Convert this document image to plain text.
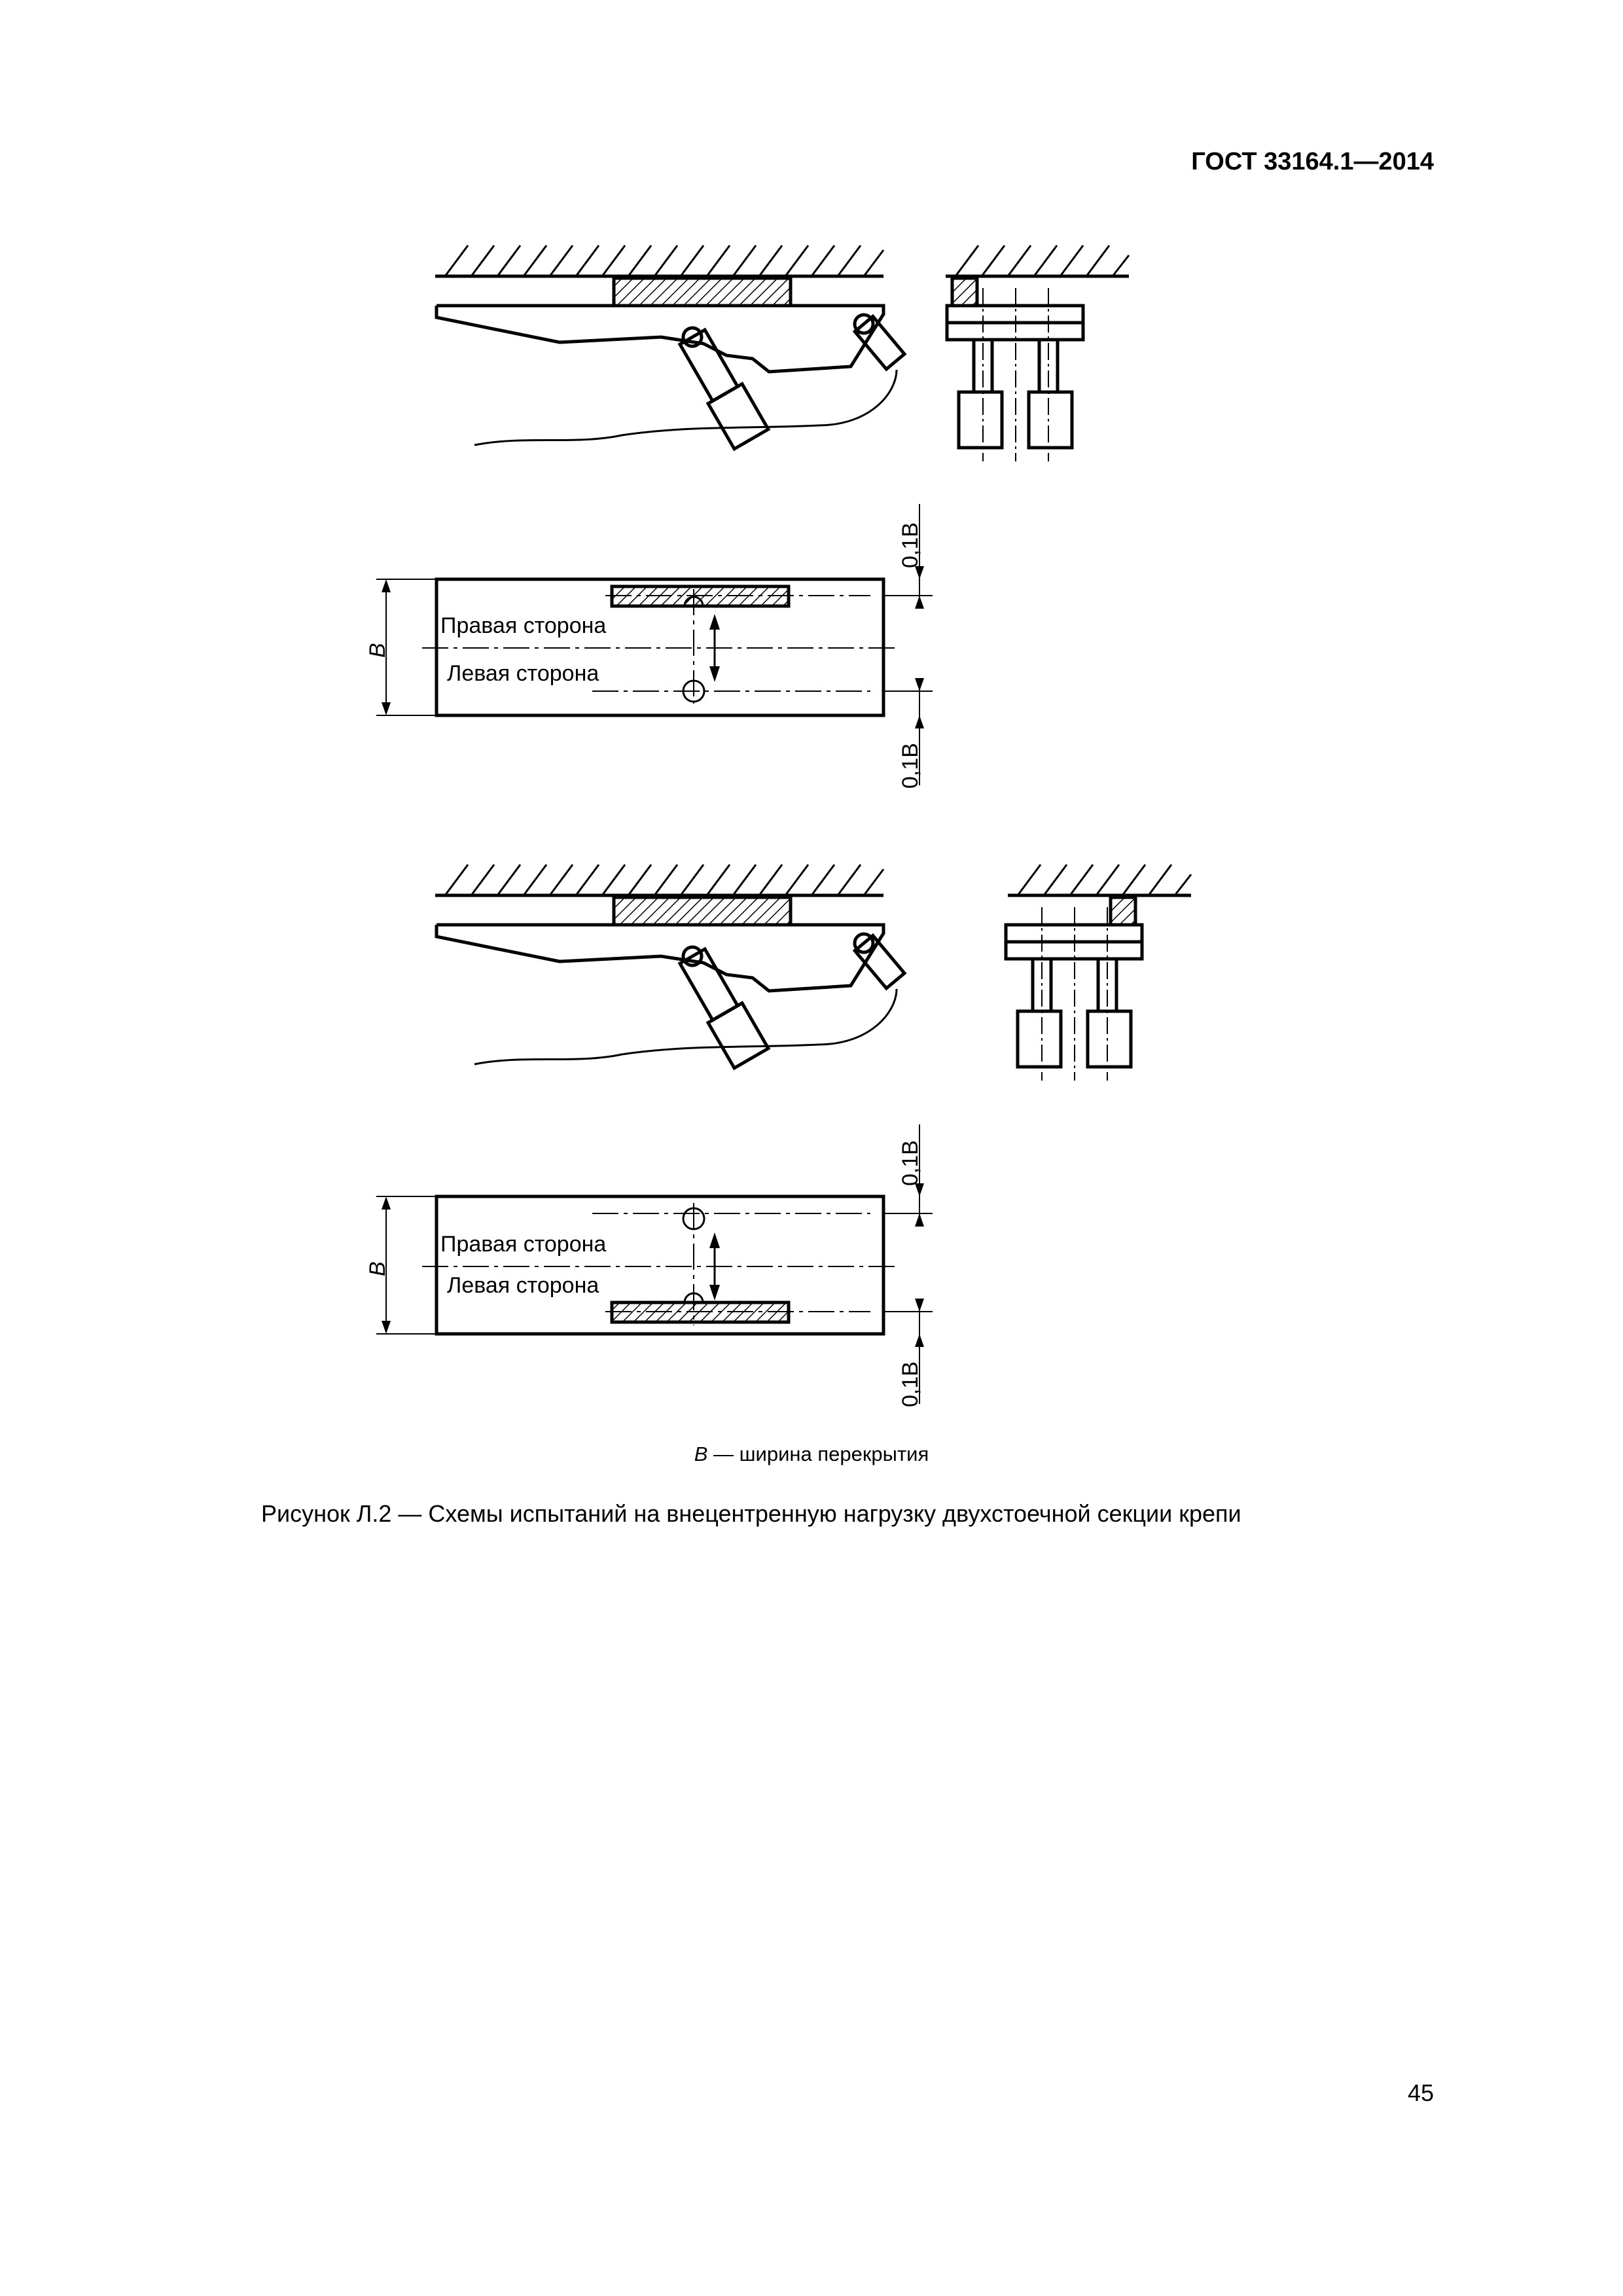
ГОСТ 33164.1—2014
Правая сторона
Левая сторона
B
0,1B
0,1B
Правая сторона
Левая сторона
B
0,1B
0,1B
B — ширина перекрытия
Рисунок Л.2 — Схемы испытаний на внецентренную нагрузку двухстоечной секции крепи
45
